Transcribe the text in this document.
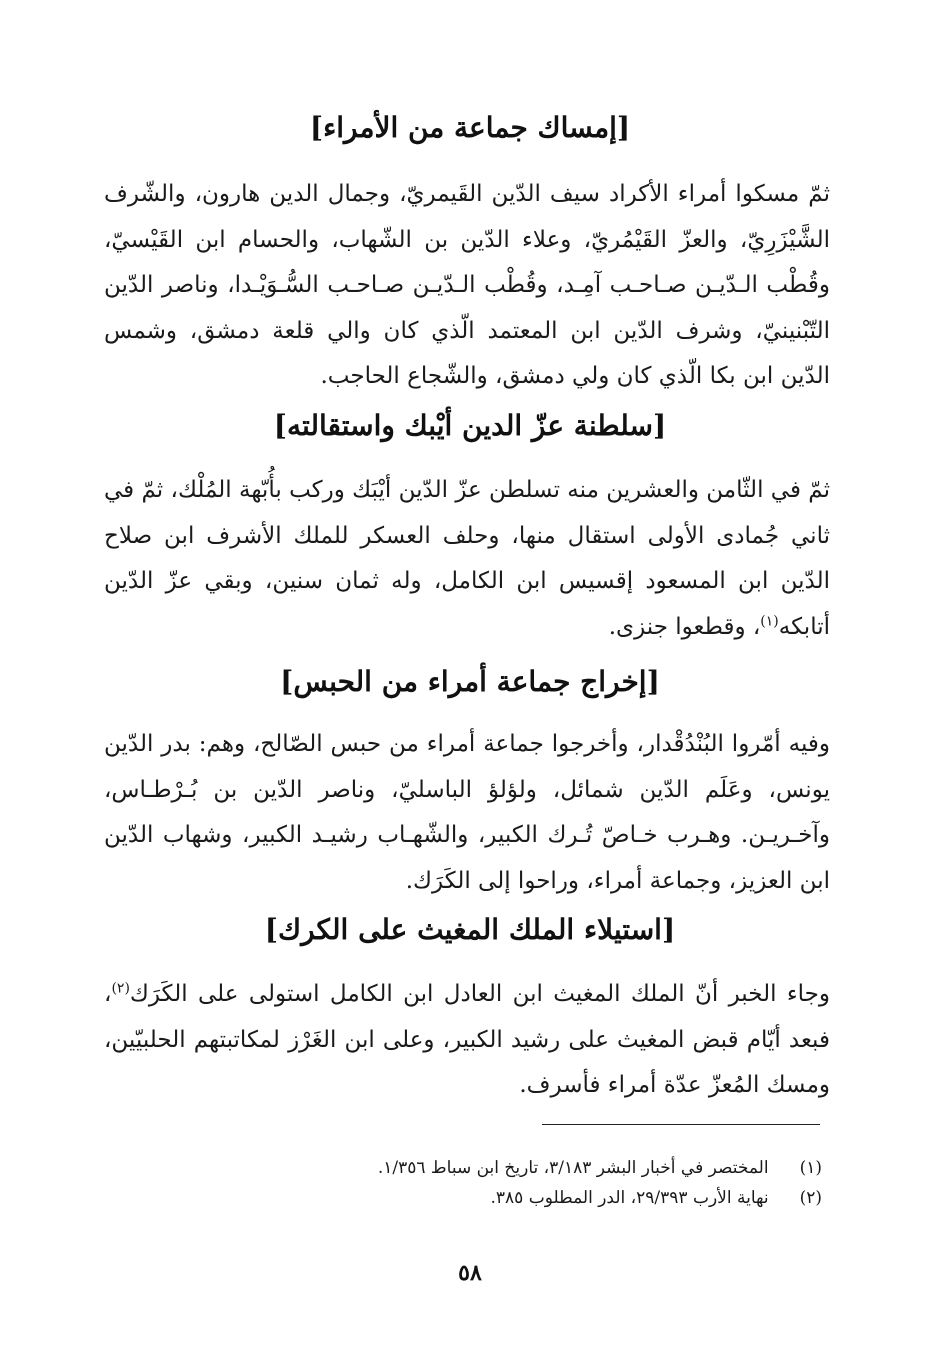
[إمساك جماعة من الأمراء]
ثمّ مسكوا أمراء الأكراد سيف الدّين القَيمريّ، وجمال الدين هارون، والشّرف الشَّيْزَرِيّ، والعزّ القَيْمُريّ، وعلاء الدّين بن الشّهاب، والحسام ابن القَيْسيّ، وقُطْب الـدّيـن صـاحـب آمِـد، وقُطْب الـدّيـن صـاحـب السُّـوَيْـدا، وناصر الدّين التّبْنينيّ، وشرف الدّين ابن المعتمد الّذي كان والي قلعة دمشق، وشمس الدّين ابن بكا الّذي كان ولي دمشق، والشّجاع الحاجب.
[سلطنة عزّ الدين أيْبك واستقالته]
ثمّ في الثّامن والعشرين منه تسلطن عزّ الدّين أيْبَك وركب بأُبّهة المُلْك، ثمّ في ثاني جُمادى الأولى استقال منها، وحلف العسكر للملك الأشرف ابن صلاح الدّين ابن المسعود إقسيس ابن الكامل، وله ثمان سنين، وبقي عزّ الدّين أتابكه$^{(١)}$، وقطعوا جنزى.
[إخراج جماعة أمراء من الحبس]
وفيه أمّروا البُنْدُقْدار، وأخرجوا جماعة أمراء من حبس الصّالح، وهم: بدر الدّين يونس، وعَلَم الدّين شمائل، ولؤلؤ الباسليّ، وناصر الدّين بن بُـرْطـاس، وآخـريـن. وهـرب خـاصّ تُـرك الكبير، والشّهـاب رشيـد الكبير، وشهاب الدّين ابن العزيز، وجماعة أمراء، وراحوا إلى الكَرَك.
[استيلاء الملك المغيث على الكرك]
وجاء الخبر أنّ الملك المغيث ابن العادل ابن الكامل استولى على الكَرَك$^{(٢)}$، فبعد أيّام قبض المغيث على رشيد الكبير، وعلى ابن الغَرْز لمكاتبتهم الحلبيّين، ومسك المُعزّ عدّة أمراء فأسرف.
(١) المختصر في أخبار البشر ٣/١٨٣، تاريخ ابن سباط ١/٣٥٦.
(٢) نهاية الأرب ٢٩/٣٩٣، الدر المطلوب ٣٨٥.
٥٨
